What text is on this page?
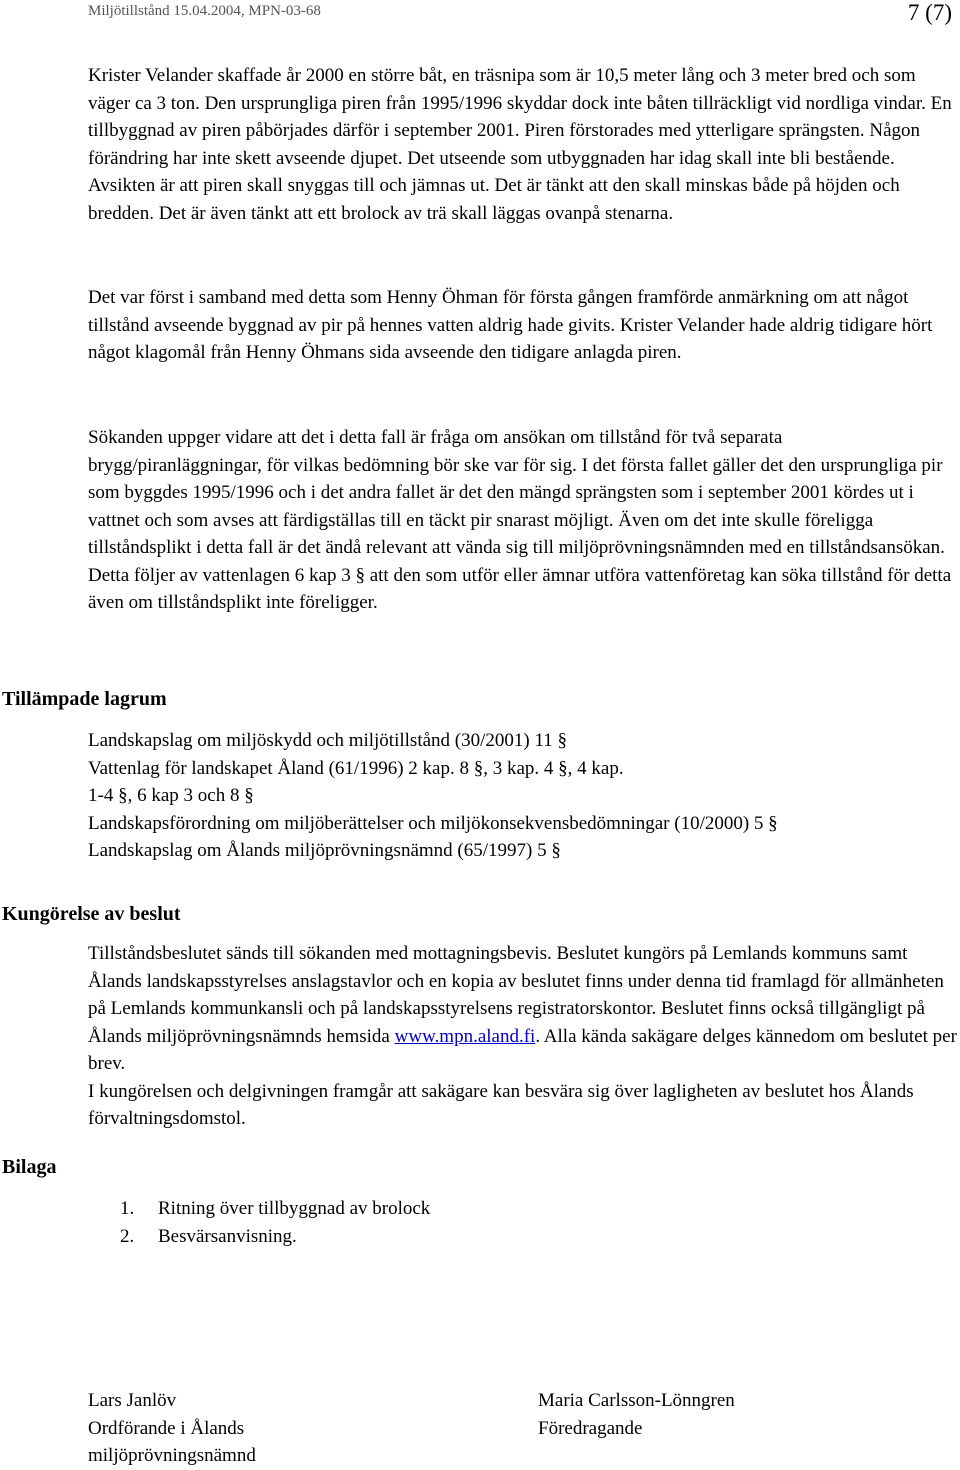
Miljötillstånd 15.04.2004, MPN-03-68	7 (7)

Krister Velander skaffade år 2000 en större båt, en träsnipa som är 10,5 meter lång och 3 meter bred och som väger ca 3 ton. Den ursprungliga piren från 1995/1996 skyddar dock inte båten tillräckligt vid nordliga vindar. En tillbyggnad av piren påbörjades därför i september 2001. Piren förstorades med ytterligare sprängsten. Någon förändring har inte skett avseende djupet. Det utseende som utbyggnaden har idag skall inte bli bestående. Avsikten är att piren skall snyggas till och jämnas ut. Det är tänkt att den skall minskas både på höjden och bredden. Det är även tänkt att ett brolock av trä skall läggas ovanpå stenarna.

Det var först i samband med detta som Henny Öhman för första gången framförde anmärkning om att något tillstånd avseende byggnad av pir på hennes vatten aldrig hade givits. Krister Velander hade aldrig tidigare hört något klagomål från Henny Öhmans sida avseende den tidigare anlagda piren.

Sökanden uppger vidare att det i detta fall är fråga om ansökan om tillstånd för två separata brygg/piranläggningar, för vilkas bedömning bör ske var för sig. I det första fallet gäller det den ursprungliga pir som byggdes 1995/1996 och i det andra fallet är det den mängd sprängsten som i september 2001 kördes ut i vattnet och som avses att färdigställas till en täckt pir snarast möjligt. Även om det inte skulle föreligga tillståndsplikt i detta fall är det ändå relevant att vända sig till miljöprövningsnämnden med en tillståndsansökan. Detta följer av vattenlagen 6 kap 3 § att den som utför eller ämnar utföra vattenföretag kan söka tillstånd för detta även om tillståndsplikt inte föreligger.

Tillämpade lagrum
Landskapslag om miljöskydd och miljötillstånd (30/2001) 11 §
Vattenlag för landskapet Åland (61/1996) 2 kap. 8 §, 3 kap. 4 §, 4 kap.
1-4 §, 6 kap 3 och 8 §
Landskapsförordning om miljöberättelser och miljökonsekvensbedömningar (10/2000) 5 §
Landskapslag om Ålands miljöprövningsnämnd (65/1997) 5 §
Kungörelse av beslut

Tillståndsbeslutet sänds till sökanden med mottagningsbevis. Beslutet kungörs på Lemlands kommuns samt Ålands landskapsstyrelses anslagstavlor och en kopia av beslutet finns under denna tid framlagd för allmänheten på Lemlands kommunkansli och på landskapsstyrelsens registratorskontor. Beslutet finns också tillgängligt på Ålands miljöprövningsnämnds hemsida www.mpn.aland.fi. Alla kända sakägare delges kännedom om beslutet per brev.

I kungörelsen och delgivningen framgår att sakägare kan besvära sig över lagligheten av beslutet hos Ålands förvaltningsdomstol.

Bilaga
1. Ritning över tillbyggnad av brolock
2. Besvärsanvisning.
Lars Janlöv
Ordförande i Ålands
miljöprövningsnämnd
Maria Carlsson-Lönngren
Föredragande
